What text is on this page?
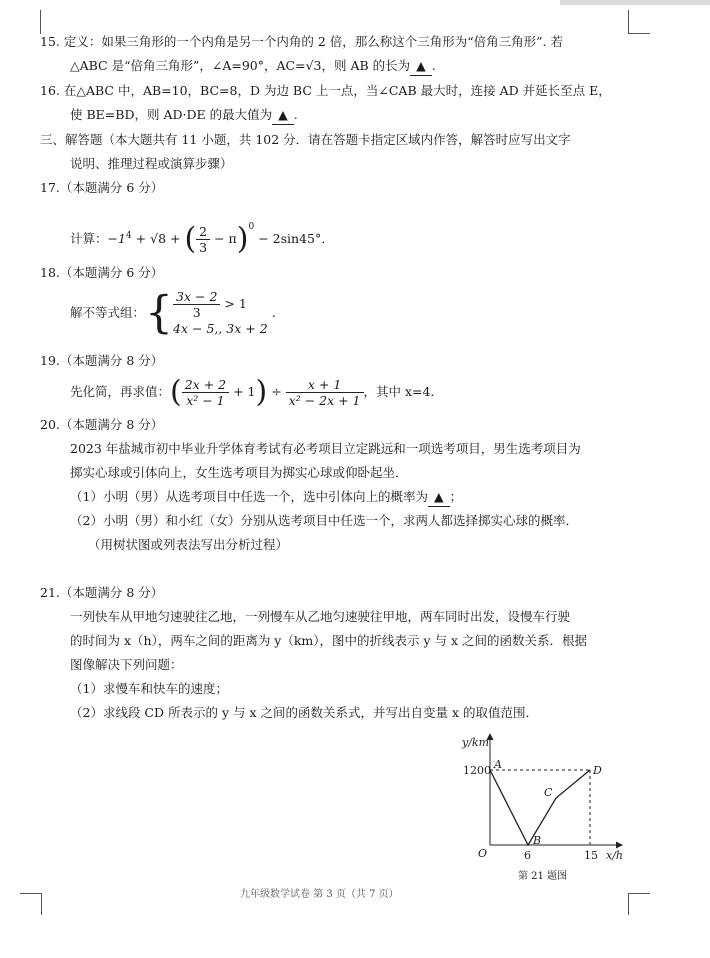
15. 定义：如果三角形的一个内角是另一个内角的 2 倍，那么称这个三角形为“倍角三角形”. 若
△ABC 是“倍角三角形”，∠A=90°，AC=√3，则 AB 的长为 ▲ .
16. 在△ABC 中，AB=10，BC=8，D 为边 BC 上一点，当∠CAB 最大时，连接 AD 并延长至点 E，
使 BE=BD，则 AD·DE 的最大值为 ▲ .
三、解答题（本大题共有 11 小题，共 102 分．请在答题卡指定区域内作答，解答时应写出文字
说明、推理过程或演算步骤）
17.（本题满分 6 分）
计算：$-1^4 + √8$ + ( $\frac{2}{3} - \pi)^0 - 2\sin 45^\circ$．
18.（本题满分 6 分）
解不等式组：{ $\frac{3x - 2}{3} > 1$
4x − 5,, 3x + 2
.
19.（本题满分 8 分）
先化简，再求值：( $\frac{2x + 2}{\text{x² − 1}} + 1) \div \frac{x + 1}{\text{x² − 2x + 1}}$ ，其中 x=4.
20.（本题满分 8 分）
2023 年盐城市初中毕业升学体育考试有必考项目立定跳远和一项选考项目，男生选考项目为
掷实心球或引体向上，女生选考项目为掷实心球或仰卧起坐．
（1）小明（男）从选考项目中任选一个，选中引体向上的概率为 ▲ ；
（2）小明（男）和小红（女）分别从选考项目中任选一个，求两人都选择掷实心球的概率．
（用树状图或列表法写出分析过程）
21.（本题满分 8 分）
一列快车从甲地匀速驶往乙地，一列慢车从乙地匀速驶往甲地，两车同时出发，设慢车行驶
的时间为 x（h），两车之间的距离为 y（km），图中的折线表示 y 与 x 之间的函数关系．根据
图像解决下列问题：
（1）求慢车和快车的速度；
（2）求线段 CD 所表示的 y 与 x 之间的函数关系式，并写出自变量 x 的取值范围．
y/km
x/h
1200
O	6	15
A
B
C
D
第 21 题图
九年级数学试卷 第 3 页（共 7 页）
